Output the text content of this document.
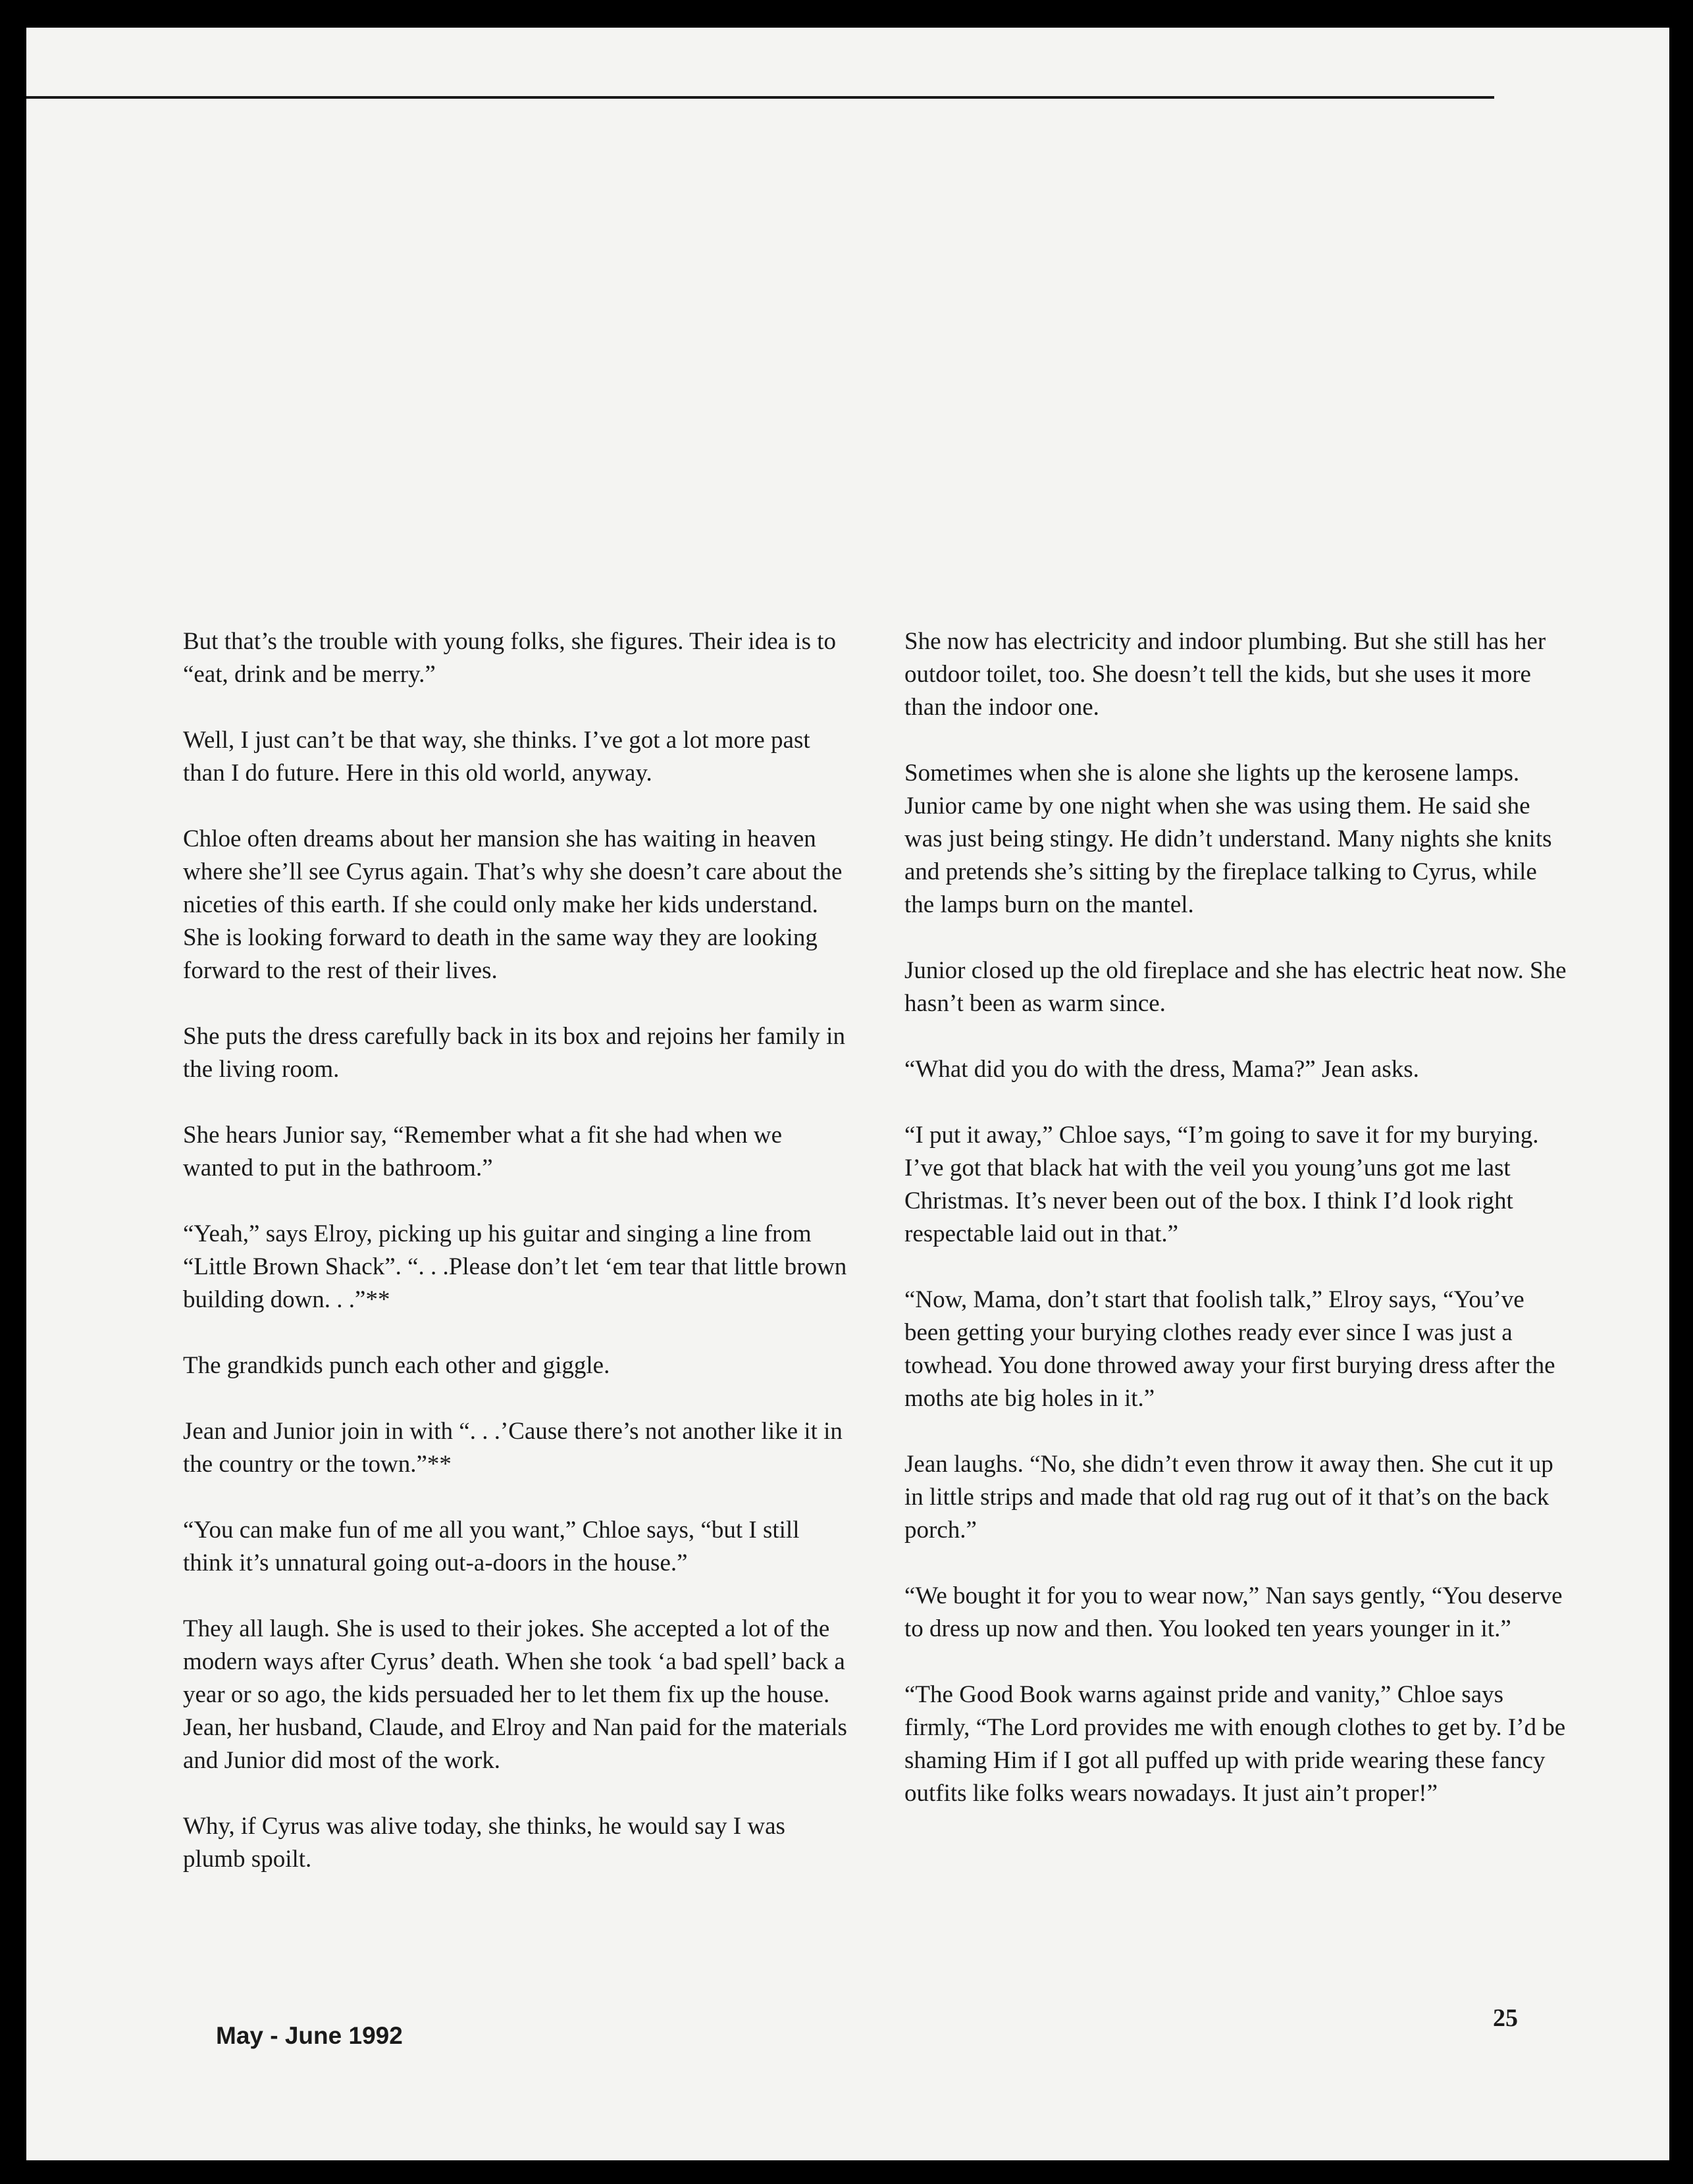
But that’s the trouble with young folks, she figures. Their idea is to “eat, drink and be merry.”

Well, I just can’t be that way, she thinks. I’ve got a lot more past than I do future. Here in this old world, anyway.

Chloe often dreams about her mansion she has waiting in heaven where she’ll see Cyrus again. That’s why she doesn’t care about the niceties of this earth. If she could only make her kids understand. She is looking forward to death in the same way they are looking forward to the rest of their lives.

She puts the dress carefully back in its box and rejoins her family in the living room.

She hears Junior say, “Remember what a fit she had when we wanted to put in the bathroom.”

“Yeah,” says Elroy, picking up his guitar and singing a line from “Little Brown Shack”. “. . .Please don’t let ‘em tear that little brown building down. . .”**

The grandkids punch each other and giggle.

Jean and Junior join in with “. . .’Cause there’s not another like it in the country or the town.”**

“You can make fun of me all you want,” Chloe says, “but I still think it’s unnatural going out-a-doors in the house.”

They all laugh. She is used to their jokes. She accepted a lot of the modern ways after Cyrus’ death. When she took ‘a bad spell’ back a year or so ago, the kids persuaded her to let them fix up the house. Jean, her husband, Claude, and Elroy and Nan paid for the materials and Junior did most of the work.

Why, if Cyrus was alive today, she thinks, he would say I was plumb spoilt.

She now has electricity and indoor plumbing. But she still has her outdoor toilet, too. She doesn’t tell the kids, but she uses it more than the indoor one.

Sometimes when she is alone she lights up the kerosene lamps. Junior came by one night when she was using them. He said she was just being stingy. He didn’t understand. Many nights she knits and pretends she’s sitting by the fireplace talking to Cyrus, while the lamps burn on the mantel.

Junior closed up the old fireplace and she has electric heat now. She hasn’t been as warm since.

“What did you do with the dress, Mama?” Jean asks.

“I put it away,” Chloe says, “I’m going to save it for my burying. I’ve got that black hat with the veil you young’uns got me last Christmas. It’s never been out of the box. I think I’d look right respectable laid out in that.”

“Now, Mama, don’t start that foolish talk,” Elroy says, “You’ve been getting your burying clothes ready ever since I was just a towhead. You done throwed away your first burying dress after the moths ate big holes in it.”

Jean laughs. “No, she didn’t even throw it away then. She cut it up in little strips and made that old rag rug out of it that’s on the back porch.”

“We bought it for you to wear now,” Nan says gently, “You deserve to dress up now and then. You looked ten years younger in it.”

“The Good Book warns against pride and vanity,” Chloe says firmly, “The Lord provides me with enough clothes to get by. I’d be shaming Him if I got all puffed up with pride wearing these fancy outfits like folks wears nowadays. It just ain’t proper!”

May - June 1992
25
